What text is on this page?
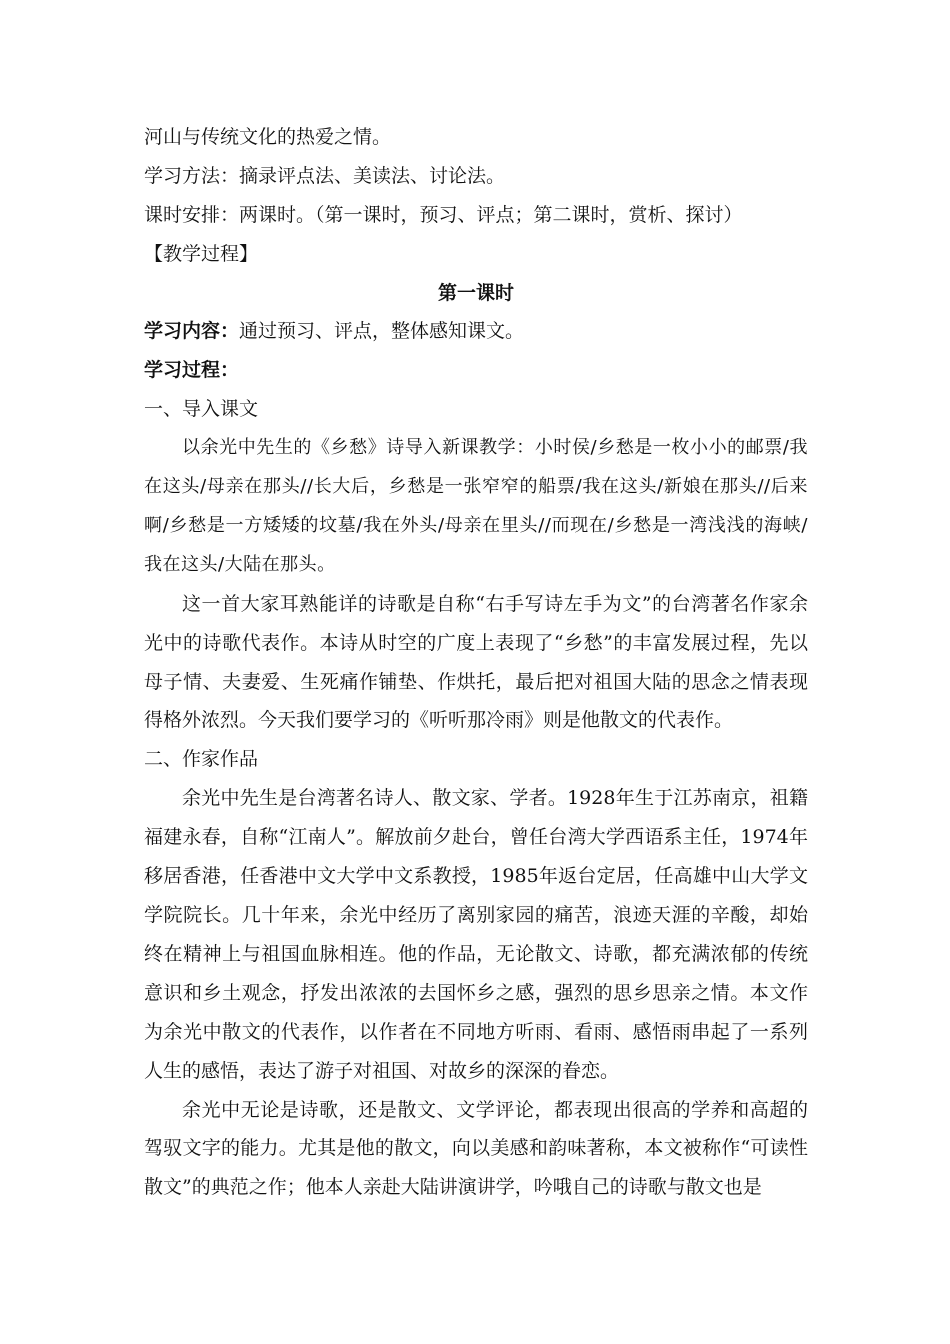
河山与传统文化的热爱之情。

学习方法：摘录评点法、美读法、讨论法。

课时安排：两课时。（第一课时，预习、评点；第二课时，赏析、探讨）

【教学过程】

第一课时

学习内容：通过预习、评点，整体感知课文。

学习过程：

一、导入课文

以余光中先生的《乡愁》诗导入新课教学：小时侯/乡愁是一枚小小的邮票/我在这头/母亲在那头//长大后，乡愁是一张窄窄的船票/我在这头/新娘在那头//后来啊/乡愁是一方矮矮的坟墓/我在外头/母亲在里头//而现在/乡愁是一湾浅浅的海峡/我在这头/大陆在那头。

这一首大家耳熟能详的诗歌是自称“右手写诗左手为文”的台湾著名作家余光中的诗歌代表作。本诗从时空的广度上表现了“乡愁”的丰富发展过程，先以母子情、夫妻爱、生死痛作铺垫、作烘托，最后把对祖国大陆的思念之情表现得格外浓烈。今天我们要学习的《听听那冷雨》则是他散文的代表作。

二、作家作品

余光中先生是台湾著名诗人、散文家、学者。1928年生于江苏南京，祖籍福建永春，自称“江南人”。解放前夕赴台，曾任台湾大学西语系主任，1974年移居香港，任香港中文大学中文系教授，1985年返台定居，任高雄中山大学文学院院长。几十年来，余光中经历了离别家园的痛苦，浪迹天涯的辛酸，却始终在精神上与祖国血脉相连。他的作品，无论散文、诗歌，都充满浓郁的传统意识和乡土观念，抒发出浓浓的去国怀乡之感，强烈的思乡思亲之情。本文作为余光中散文的代表作，以作者在不同地方听雨、看雨、感悟雨串起了一系列人生的感悟，表达了游子对祖国、对故乡的深深的眷恋。

余光中无论是诗歌，还是散文、文学评论，都表现出很高的学养和高超的驾驭文字的能力。尤其是他的散文，向以美感和韵味著称，本文被称作“可读性散文”的典范之作；他本人亲赴大陆讲演讲学，吟哦自己的诗歌与散文也是
